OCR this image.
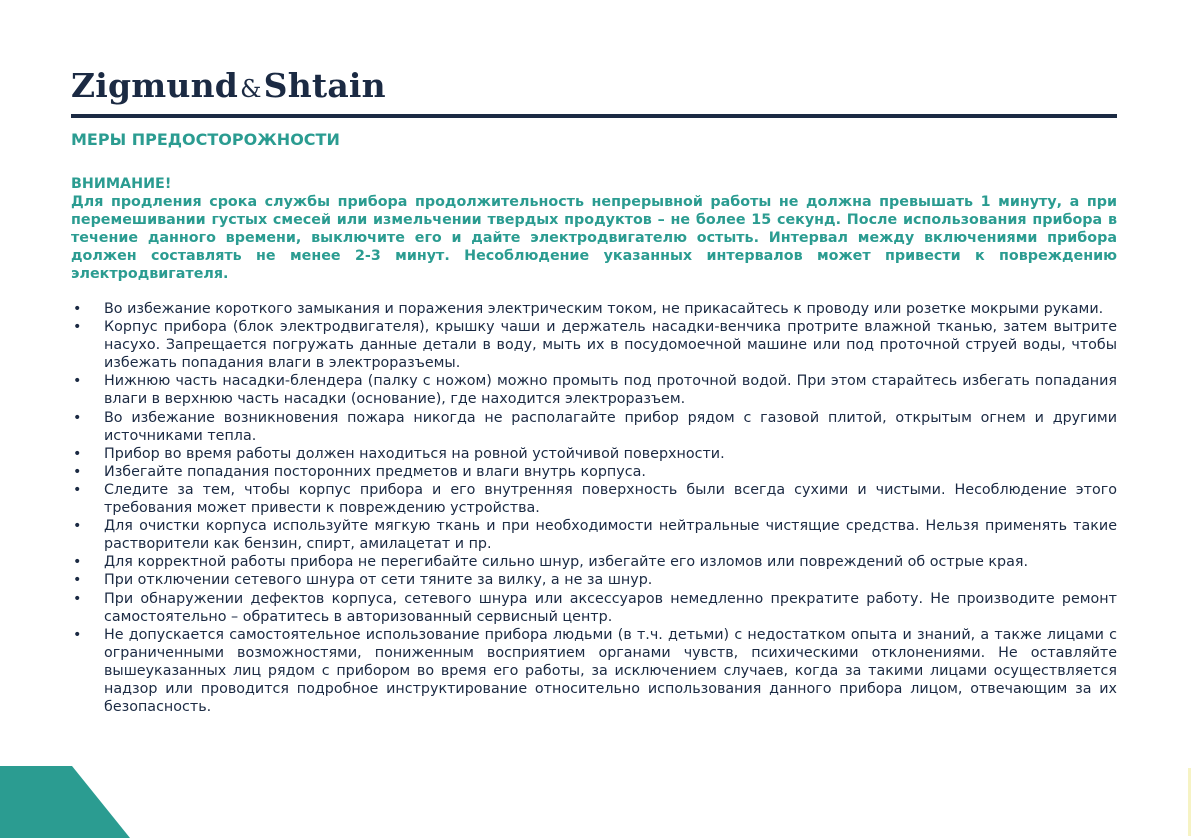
Zigmund&Shtain
МЕРЫ ПРЕДОСТОРОЖНОСТИ
ВНИМАНИЕ!
Для продления срока службы прибора продолжительность непрерывной работы не должна превышать 1 минуту, а при перемешивании густых смесей или измельчении твердых продуктов – не более 15 секунд. После использования прибора в течение данного времени, выключите его и дайте электродвигателю остыть. Интервал между включениями прибора должен составлять не менее 2-3 минут. Несоблюдение указанных интервалов может привести к повреждению электродвигателя.
• Во избежание короткого замыкания и поражения электрическим током, не прикасайтесь к проводу или розетке мокрыми руками.
• Корпус прибора (блок электродвигателя), крышку чаши и держатель насадки-венчика протрите влажной тканью, затем вытрите насухо. Запрещается погружать данные детали в воду, мыть их в посудомоечной машине или под проточной струей воды, чтобы избежать попадания влаги в электроразъемы.
• Нижнюю часть насадки-блендера (палку с ножом) можно промыть под проточной водой. При этом старайтесь избегать попадания влаги в верхнюю часть насадки (основание), где находится электроразъем.
• Во избежание возникновения пожара никогда не располагайте прибор рядом с газовой плитой, открытым огнем и другими источниками тепла.
• Прибор во время работы должен находиться на ровной устойчивой поверхности.
• Избегайте попадания посторонних предметов и влаги внутрь корпуса.
• Следите за тем, чтобы корпус прибора и его внутренняя поверхность были всегда сухими и чистыми. Несоблюдение этого требования может привести к повреждению устройства.
• Для очистки корпуса используйте мягкую ткань и при необходимости нейтральные чистящие средства. Нельзя применять такие растворители как бензин, спирт, амилацетат и пр.
• Для корректной работы прибора не перегибайте сильно шнур, избегайте его изломов или повреждений об острые края.
• При отключении сетевого шнура от сети тяните за вилку, а не за шнур.
• При обнаружении дефектов корпуса, сетевого шнура или аксессуаров немедленно прекратите работу. Не производите ремонт самостоятельно – обратитесь в авторизованный сервисный центр.
• Не допускается самостоятельное использование прибора людьми (в т.ч. детьми) с недостатком опыта и знаний, а также лицами с ограниченными возможностями, пониженным восприятием органами чувств, психическими отклонениями. Не оставляйте вышеуказанных лиц рядом с прибором во время его работы, за исключением случаев, когда за такими лицами осуществляется надзор или проводится подробное инструктирование относительно использования данного прибора лицом, отвечающим за их безопасность.
